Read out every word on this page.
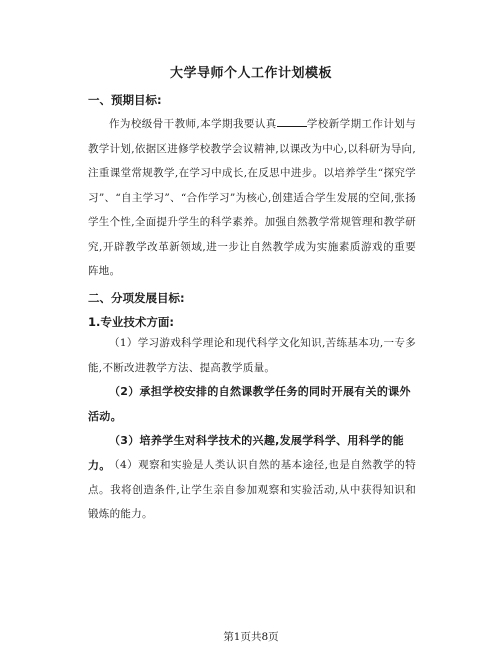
大学导师个人工作计划模板
一、预期目标:
作为校级骨干教师,本学期我要认真	学校新学期工作计划与教学计划,依据区进修学校教学会议精神,以课改为中心,以科研为导向,注重课堂常规教学,在学习中成长,在反思中进步。以培养学生“探究学习”、“自主学习”、“合作学习”为核心,创建适合学生发展的空间,张扬学生个性,全面提升学生的科学素养。加强自然教学常规管理和教学研究,开辟教学改革新领域,进一步让自然教学成为实施素质游戏的重要阵地。
二、分项发展目标:
1.专业技术方面:
（1）学习游戏科学理论和现代科学文化知识,苦练基本功,一专多能,不断改进教学方法、提高教学质量。
（2）承担学校安排的自然课教学任务的同时开展有关的课外活动。
（3）培养学生对科学技术的兴趣,发展学科学、用科学的能力。
（4）观察和实验是人类认识自然的基本途径,也是自然教学的特点。我将创造条件,让学生亲自参加观察和实验活动,从中获得知识和锻炼的能力。
第1页共8页
